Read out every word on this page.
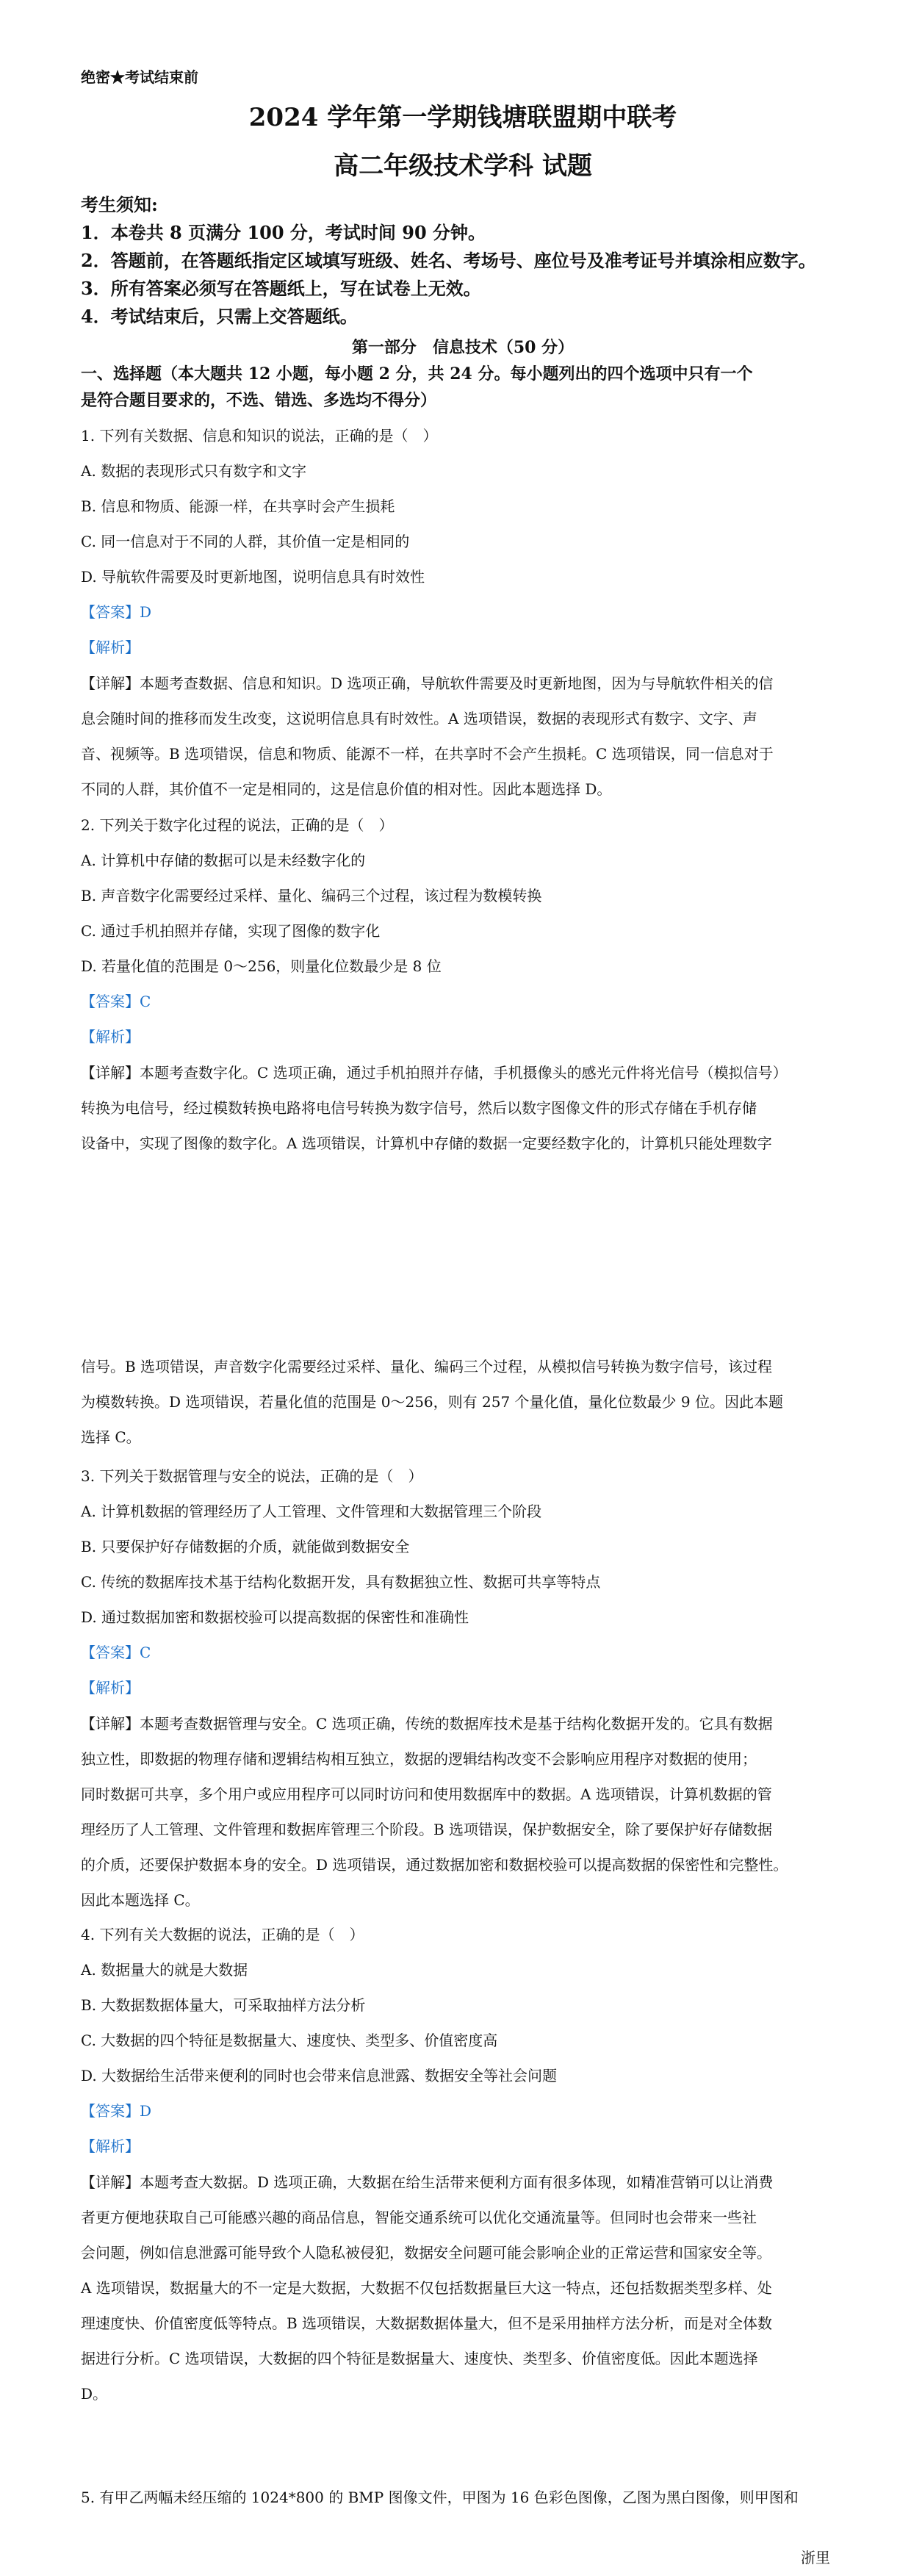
绝密★考试结束前
2024 学年第一学期钱塘联盟期中联考
高二年级技术学科 试题
考生须知:
1．本卷共 8 页满分 100 分，考试时间 90 分钟。
2．答题前，在答题纸指定区域填写班级、姓名、考场号、座位号及准考证号并填涂相应数字。
3．所有答案必须写在答题纸上，写在试卷上无效。
4．考试结束后，只需上交答题纸。
第一部分　信息技术（50 分）
一、选择题（本大题共 12 小题，每小题 2 分，共 24 分。每小题列出的四个选项中只有一个
是符合题目要求的，不选、错选、多选均不得分）
1. 下列有关数据、信息和知识的说法，正确的是（　）
A. 数据的表现形式只有数字和文字
B. 信息和物质、能源一样，在共享时会产生损耗
C. 同一信息对于不同的人群，其价值一定是相同的
D. 导航软件需要及时更新地图，说明信息具有时效性
【答案】D
【解析】
【详解】本题考查数据、信息和知识。D 选项正确，导航软件需要及时更新地图，因为与导航软件相关的信
息会随时间的推移而发生改变，这说明信息具有时效性。A 选项错误，数据的表现形式有数字、文字、声
音、视频等。B 选项错误，信息和物质、能源不一样，在共享时不会产生损耗。C 选项错误，同一信息对于
不同的人群，其价值不一定是相同的，这是信息价值的相对性。因此本题选择 D。
2. 下列关于数字化过程的说法，正确的是（　）
A. 计算机中存储的数据可以是未经数字化的
B. 声音数字化需要经过采样、量化、编码三个过程，该过程为数模转换
C. 通过手机拍照并存储，实现了图像的数字化
D. 若量化值的范围是 0～256，则量化位数最少是 8 位
【答案】C
【解析】
【详解】本题考查数字化。C 选项正确，通过手机拍照并存储，手机摄像头的感光元件将光信号（模拟信号）
转换为电信号，经过模数转换电路将电信号转换为数字信号，然后以数字图像文件的形式存储在手机存储
设备中，实现了图像的数字化。A 选项错误，计算机中存储的数据一定要经数字化的，计算机只能处理数字
信号。B 选项错误，声音数字化需要经过采样、量化、编码三个过程，从模拟信号转换为数字信号，该过程
为模数转换。D 选项错误，若量化值的范围是 0～256，则有 257 个量化值，量化位数最少 9 位。因此本题
选择 C。
3. 下列关于数据管理与安全的说法，正确的是（　）
A. 计算机数据的管理经历了人工管理、文件管理和大数据管理三个阶段
B. 只要保护好存储数据的介质，就能做到数据安全
C. 传统的数据库技术基于结构化数据开发，具有数据独立性、数据可共享等特点
D. 通过数据加密和数据校验可以提高数据的保密性和准确性
【答案】C
【解析】
【详解】本题考查数据管理与安全。C 选项正确，传统的数据库技术是基于结构化数据开发的。它具有数据
独立性，即数据的物理存储和逻辑结构相互独立，数据的逻辑结构改变不会影响应用程序对数据的使用；
同时数据可共享，多个用户或应用程序可以同时访问和使用数据库中的数据。A 选项错误，计算机数据的管
理经历了人工管理、文件管理和数据库管理三个阶段。B 选项错误，保护数据安全，除了要保护好存储数据
的介质，还要保护数据本身的安全。D 选项错误，通过数据加密和数据校验可以提高数据的保密性和完整性。
因此本题选择 C。
4. 下列有关大数据的说法，正确的是（　）
A. 数据量大的就是大数据
B. 大数据数据体量大，可采取抽样方法分析
C. 大数据的四个特征是数据量大、速度快、类型多、价值密度高
D. 大数据给生活带来便利的同时也会带来信息泄露、数据安全等社会问题
【答案】D
【解析】
【详解】本题考查大数据。D 选项正确，大数据在给生活带来便利方面有很多体现，如精准营销可以让消费
者更方便地获取自己可能感兴趣的商品信息，智能交通系统可以优化交通流量等。但同时也会带来一些社
会问题，例如信息泄露可能导致个人隐私被侵犯，数据安全问题可能会影响企业的正常运营和国家安全等。
A 选项错误，数据量大的不一定是大数据，大数据不仅包括数据量巨大这一特点，还包括数据类型多样、处
理速度快、价值密度低等特点。B 选项错误，大数据数据体量大，但不是采用抽样方法分析，而是对全体数
据进行分析。C 选项错误，大数据的四个特征是数据量大、速度快、类型多、价值密度低。因此本题选择
D。
5. 有甲乙两幅未经压缩的 1024*800 的 BMP 图像文件，甲图为 16 色彩色图像，乙图为黑白图像，则甲图和
浙里
